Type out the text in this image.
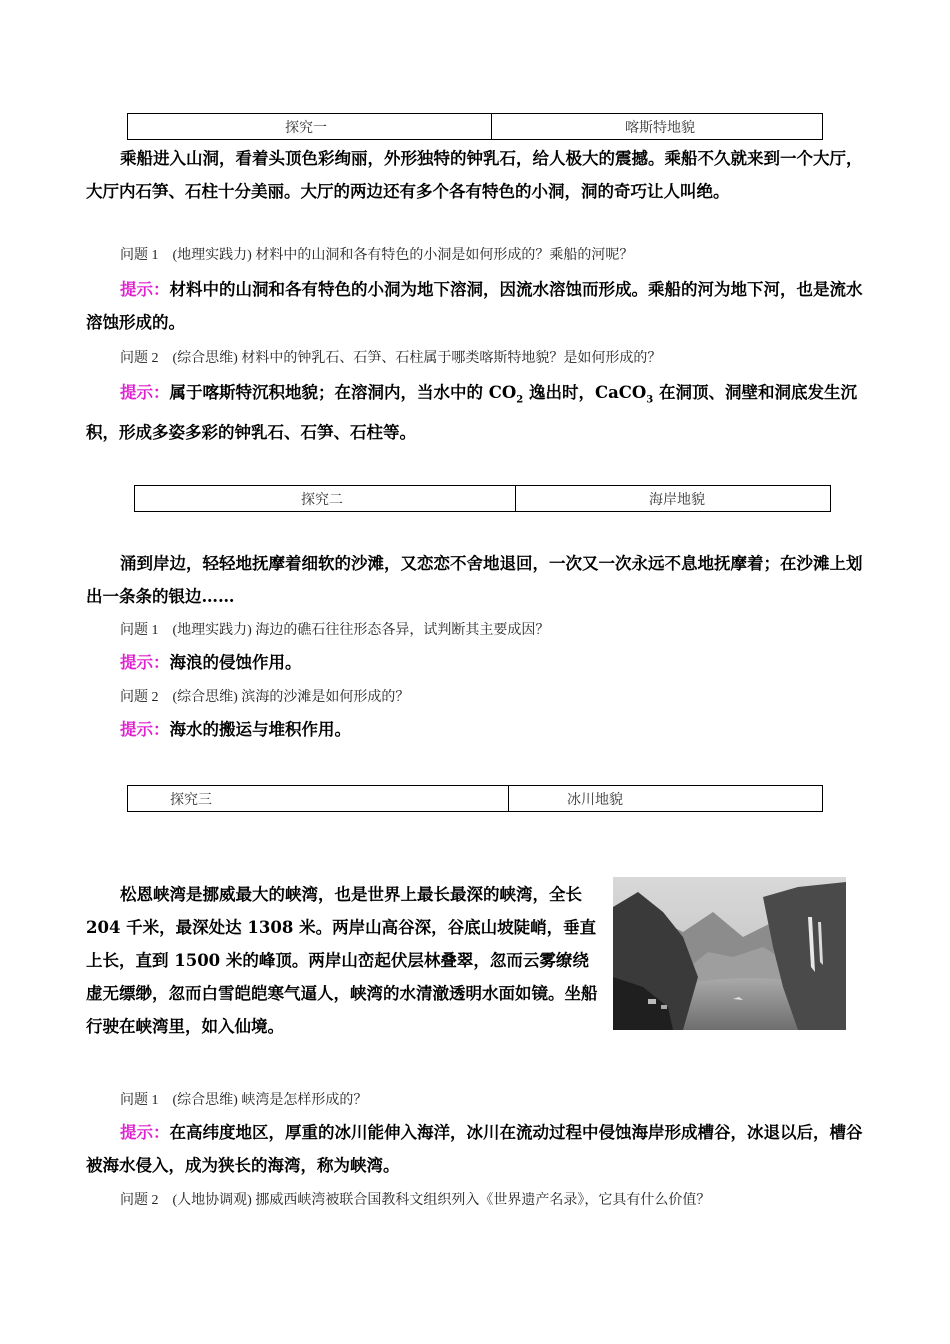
探究一	喀斯特地貌

乘船进入山洞，看着头顶色彩绚丽，外形独特的钟乳石，给人极大的震撼。乘船不久就来到一个大厅，大厅内石笋、石柱十分美丽。大厅的两边还有多个各有特色的小洞，洞的奇巧让人叫绝。

问题 1 (地理实践力) 材料中的山洞和各有特色的小洞是如何形成的？乘船的河呢？

提示：材料中的山洞和各有特色的小洞为地下溶洞，因流水溶蚀而形成。乘船的河为地下河，也是流水溶蚀形成的。

问题 2 (综合思维) 材料中的钟乳石、石笋、石柱属于哪类喀斯特地貌？是如何形成的？

提示：属于喀斯特沉积地貌；在溶洞内，当水中的 $CO_2$ 逸出时，CaCO$_3$ 在洞顶、洞壁和洞底发生沉积，形成多姿多彩的钟乳石、石笋、石柱等。

探究二	海岸地貌

涌到岸边，轻轻地抚摩着细软的沙滩，又恋恋不舍地退回，一次又一次永远不息地抚摩着；在沙滩上划出一条条的银边……

问题 1 (地理实践力) 海边的礁石往往形态各异，试判断其主要成因？

提示：海浪的侵蚀作用。

问题 2 (综合思维) 滨海的沙滩是如何形成的？

提示：海水的搬运与堆积作用。

探究三	冰川地貌

松恩峡湾是挪威最大的峡湾，也是世界上最长最深的峡湾，全长 204 千米，最深处达 1308 米。两岸山高谷深，谷底山坡陡峭，垂直上长，直到 1500 米的峰顶。两岸山峦起伏层林叠翠，忽而云雾缭绕虚无缥缈，忽而白雪皑皑寒气逼人，峡湾的水清澈透明水面如镜。坐船行驶在峡湾里，如入仙境。

问题 1 (综合思维) 峡湾是怎样形成的？

提示：在高纬度地区，厚重的冰川能伸入海洋，冰川在流动过程中侵蚀海岸形成槽谷，冰退以后，槽谷被海水侵入，成为狭长的海湾，称为峡湾。

问题 2 (人地协调观) 挪威西峡湾被联合国教科文组织列入《世界遗产名录》，它具有什么价值？
